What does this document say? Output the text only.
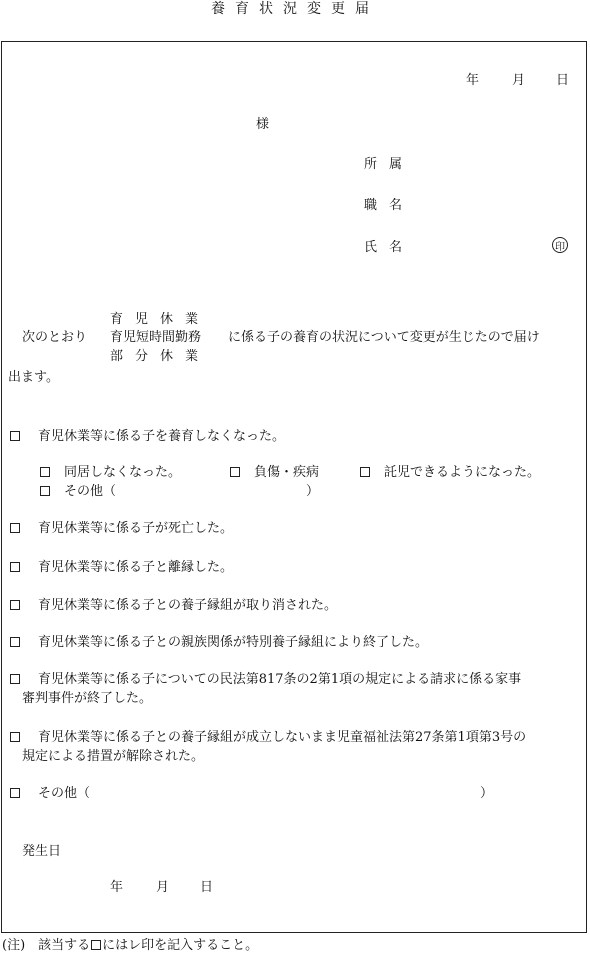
養育状況変更届
年	月 日
様
所属
職名
氏名	印
育児休業
次のとおり 育児短時間勤務 に係る子の養育の状況について変更が生じたので届け
部分休業
出ます。
育児休業等に係る子を養育しなくなった。
同居しなくなった。	負傷・疾病	託児できるようになった。
その他（	）
育児休業等に係る子が死亡した。
育児休業等に係る子と離縁した。
育児休業等に係る子との養子縁組が取り消された。
育児休業等に係る子との親族関係が特別養子縁組により終了した。
育児休業等に係る子についての民法第817条の2第1項の規定による請求に係る家事
審判事件が終了した。
育児休業等に係る子との養子縁組が成立しないまま児童福祉法第27条第1項第3号の
規定による措置が解除された。
その他（	）
発生日
年	月 日
(注)　該当する にはレ印を記入すること。
